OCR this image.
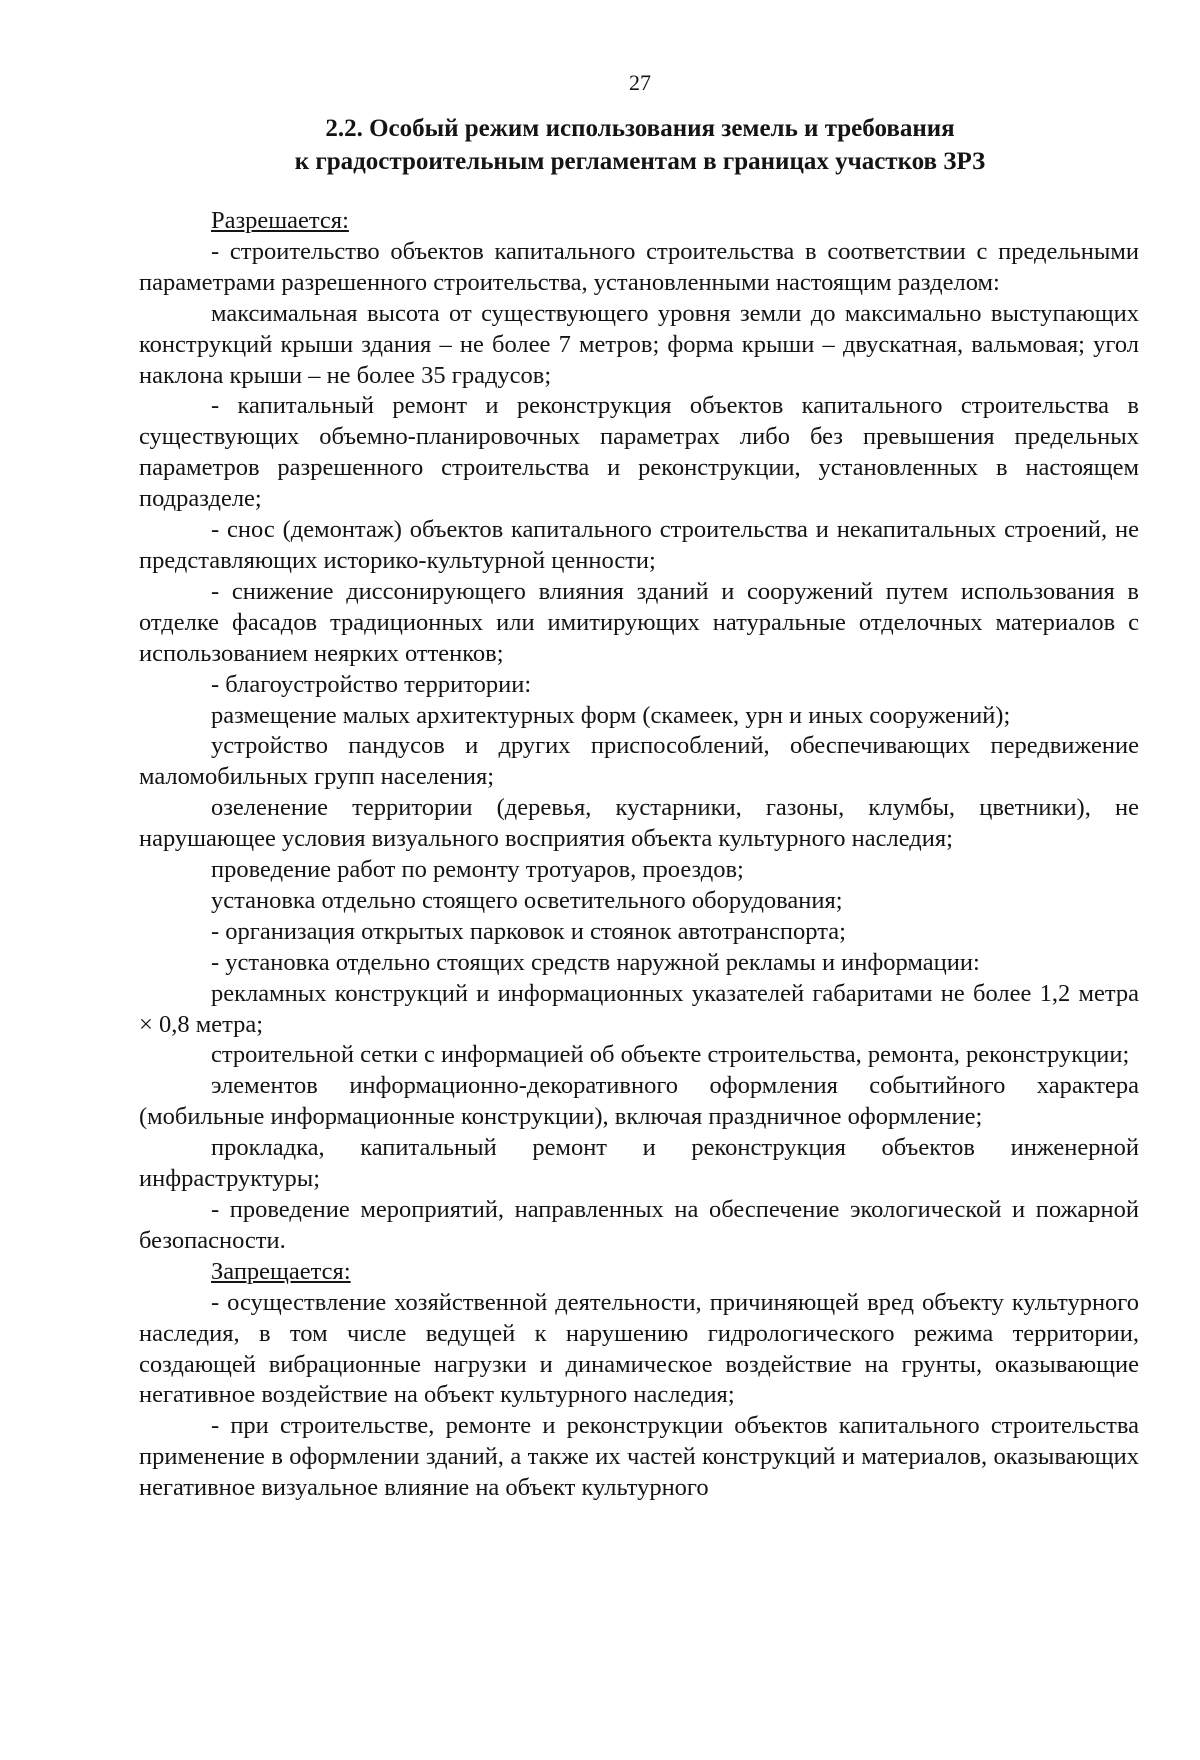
27
2.2. Особый режим использования земель и требования
к градостроительным регламентам в границах участков ЗРЗ

Разрешается:

- строительство объектов капитального строительства в соответствии с предельными параметрами разрешенного строительства, установленными настоящим разделом:

максимальная высота от существующего уровня земли до максимально выступающих конструкций крыши здания – не более 7 метров; форма крыши – двускатная, вальмовая; угол наклона крыши – не более 35 градусов;

- капитальный ремонт и реконструкция объектов капитального строительства в существующих объемно-планировочных параметрах либо без превышения предельных параметров разрешенного строительства и реконструкции, установленных в настоящем подразделе;

- снос (демонтаж) объектов капитального строительства и некапитальных строений, не представляющих историко-культурной ценности;

- снижение диссонирующего влияния зданий и сооружений путем использования в отделке фасадов традиционных или имитирующих натуральные отделочных материалов с использованием неярких оттенков;

- благоустройство территории:

размещение малых архитектурных форм (скамеек, урн и иных сооружений);

устройство пандусов и других приспособлений, обеспечивающих передвижение маломобильных групп населения;

озеленение территории (деревья, кустарники, газоны, клумбы, цветники), не нарушающее условия визуального восприятия объекта культурного наследия;

проведение работ по ремонту тротуаров, проездов;

установка отдельно стоящего осветительного оборудования;

- организация открытых парковок и стоянок автотранспорта;

- установка отдельно стоящих средств наружной рекламы и информации:

рекламных конструкций и информационных указателей габаритами не более 1,2 метра × 0,8 метра;

строительной сетки с информацией об объекте строительства, ремонта, реконструкции;

элементов информационно-декоративного оформления событийного характера (мобильные информационные конструкции), включая праздничное оформление;

прокладка, капитальный ремонт и реконструкция объектов инженерной инфраструктуры;

- проведение мероприятий, направленных на обеспечение экологической и пожарной безопасности.

Запрещается:

- осуществление хозяйственной деятельности, причиняющей вред объекту культурного наследия, в том числе ведущей к нарушению гидрологического режима территории, создающей вибрационные нагрузки и динамическое воздействие на грунты, оказывающие негативное воздействие на объект культурного наследия;

- при строительстве, ремонте и реконструкции объектов капитального строительства применение в оформлении зданий, а также их частей конструкций и материалов, оказывающих негативное визуальное влияние на объект культурного
